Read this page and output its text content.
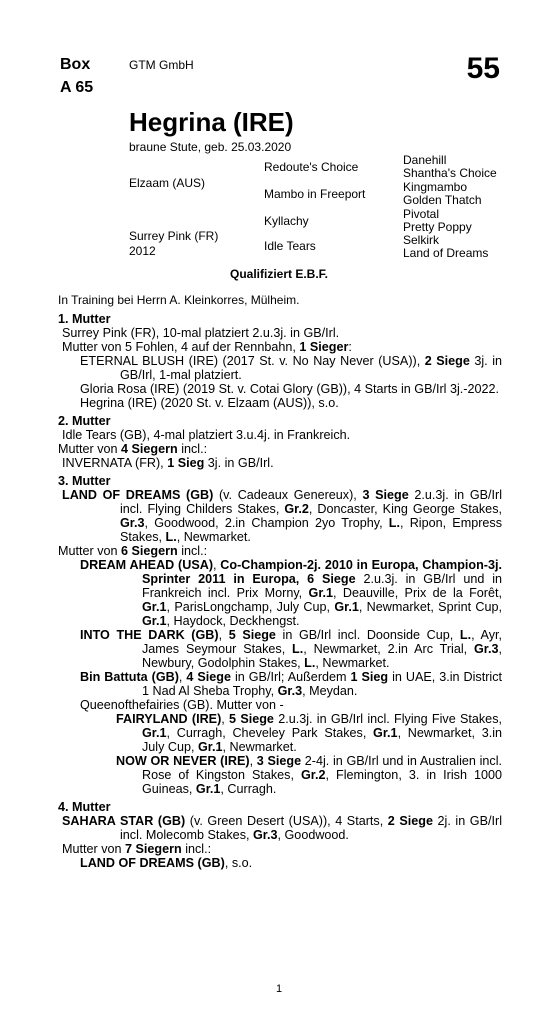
Box
A 65
GTM GmbH	55
Hegrina (IRE)
braune Stute, geb. 25.03.2020
Elzaam (AUS)
Surrey Pink (FR)
2012
Redoute's Choice
Mambo in Freeport
Kyllachy
Idle Tears
Danehill
Shantha's Choice
Kingmambo
Golden Thatch
Pivotal
Pretty Poppy
Selkirk
Land of Dreams
Qualifiziert E.B.F.
In Training bei Herrn A. Kleinkorres, Mülheim.
1. Mutter
Surrey Pink (FR), 10-mal platziert 2.u.3j. in GB/Irl.
Mutter von 5 Fohlen, 4 auf der Rennbahn, 1 Sieger:
ETERNAL BLUSH (IRE) (2017 St. v. No Nay Never (USA)), 2 Siege 3j. in GB/Irl, 1-mal platziert.
Gloria Rosa (IRE) (2019 St. v. Cotai Glory (GB)), 4 Starts in GB/Irl 3j.-2022.
Hegrina (IRE) (2020 St. v. Elzaam (AUS)), s.o.
2. Mutter
Idle Tears (GB), 4-mal platziert 3.u.4j. in Frankreich.
Mutter von 4 Siegern incl.:
INVERNATA (FR), 1 Sieg 3j. in GB/Irl.
3. Mutter
LAND OF DREAMS (GB) (v. Cadeaux Genereux), 3 Siege 2.u.3j. in GB/Irl incl. Flying Childers Stakes, Gr.2, Doncaster, King George Stakes, Gr.3, Goodwood, 2.in Champion 2yo Trophy, L., Ripon, Empress Stakes, L., Newmarket.
Mutter von 6 Siegern incl.:
DREAM AHEAD (USA), Co-Champion-2j. 2010 in Europa, Champion-3j. Sprinter 2011 in Europa, 6 Siege 2.u.3j. in GB/Irl und in Frankreich incl. Prix Morny, Gr.1, Deauville, Prix de la Forêt, Gr.1, ParisLongchamp, July Cup, Gr.1, Newmarket, Sprint Cup, Gr.1, Haydock, Deckhengst.
INTO THE DARK (GB), 5 Siege in GB/Irl incl. Doonside Cup, L., Ayr, James Seymour Stakes, L., Newmarket, 2.in Arc Trial, Gr.3, Newbury, Godolphin Stakes, L., Newmarket.
Bin Battuta (GB), 4 Siege in GB/Irl; Außerdem 1 Sieg in UAE, 3.in District 1 Nad Al Sheba Trophy, Gr.3, Meydan.
Queenofthefairies (GB). Mutter von -
FAIRYLAND (IRE), 5 Siege 2.u.3j. in GB/Irl incl. Flying Five Stakes, Gr.1, Curragh, Cheveley Park Stakes, Gr.1, Newmarket, 3.in July Cup, Gr.1, Newmarket.
NOW OR NEVER (IRE), 3 Siege 2-4j. in GB/Irl und in Australien incl. Rose of Kingston Stakes, Gr.2, Flemington, 3. in Irish 1000 Guineas, Gr.1, Curragh.
4. Mutter
SAHARA STAR (GB) (v. Green Desert (USA)), 4 Starts, 2 Siege 2j. in GB/Irl incl. Molecomb Stakes, Gr.3, Goodwood.
Mutter von 7 Siegern incl.:
LAND OF DREAMS (GB), s.o.
1
